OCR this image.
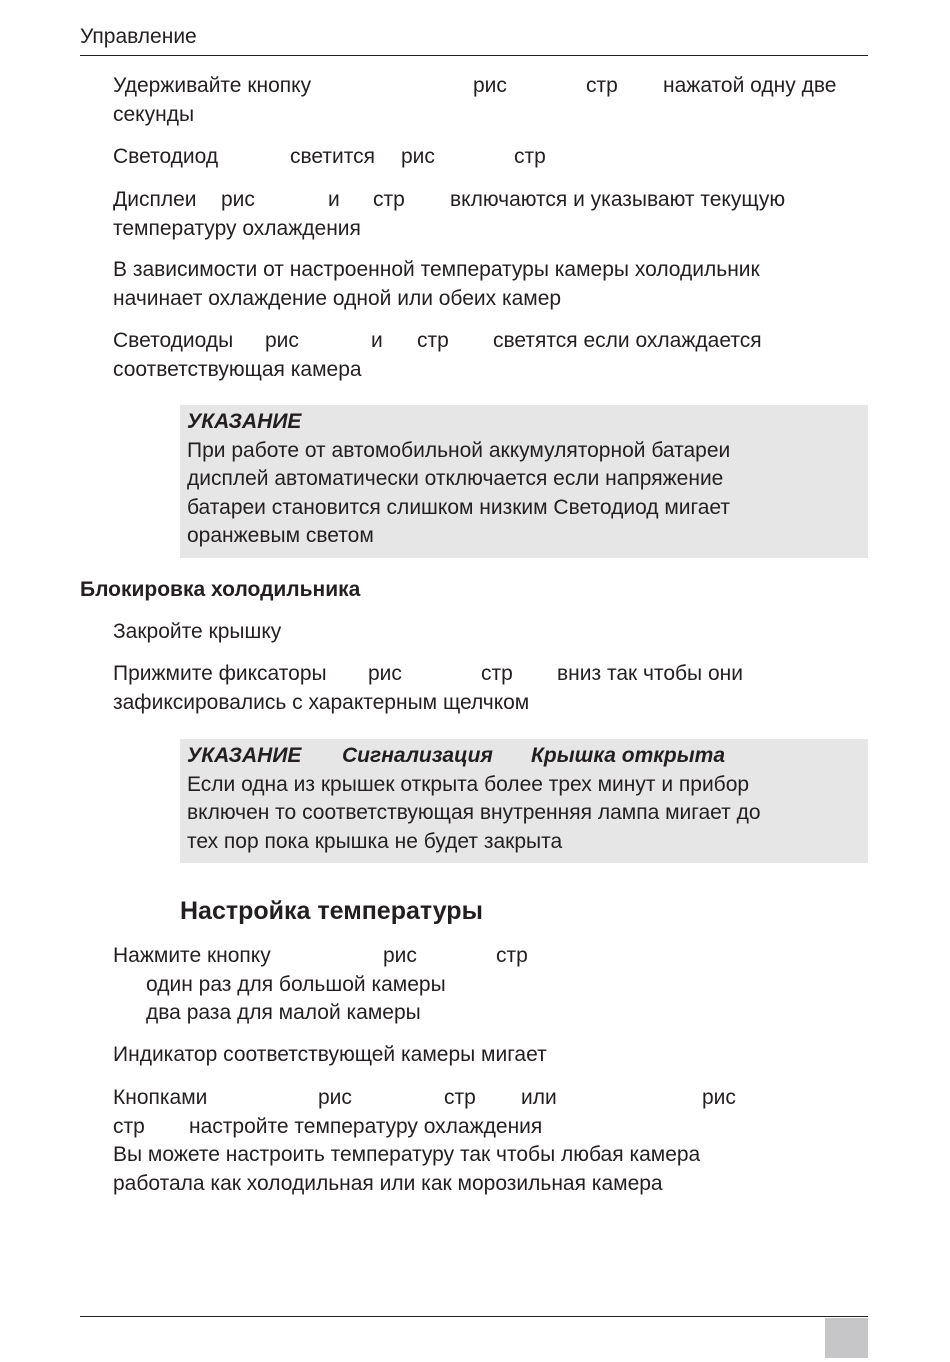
Управление
Удерживайте кнопку	рис	стр нажатой одну две
секунды
Светодиод	светится рис	стр
Дисплеи рис	и стр включаются и указывают текущую
температуру охлаждения
В зависимости от настроенной температуры камеры холодильник
начинает охлаждение одной или обеих камер
Светодиоды рис	и стр светятся если охлаждается
соответствующая камера
УКАЗАНИЕ
При работе от автомобильной аккумуляторной батареи
дисплей автоматически отключается если напряжение
батареи становится слишком низким Светодиод мигает
оранжевым светом
Блокировка холодильника
Закройте крышку
Прижмите фиксаторы рис	стр вниз так чтобы они
зафиксировались с характерным щелчком
УКАЗАНИЕ Сигнализация Крышка открыта
Если одна из крышек открыта более трех минут и прибор
включен то соответствующая внутренняя лампа мигает до
тех пор пока крышка не будет закрыта
Настройка температуры
Нажмите кнопку	рис	стр
один раз для большой камеры
два раза для малой камеры
Индикатор соответствующей камеры мигает
Кнопками	рис	стр или	рис
стр настройте температуру охлаждения
Вы можете настроить температуру так чтобы любая камера
работала как холодильная или как морозильная камера
